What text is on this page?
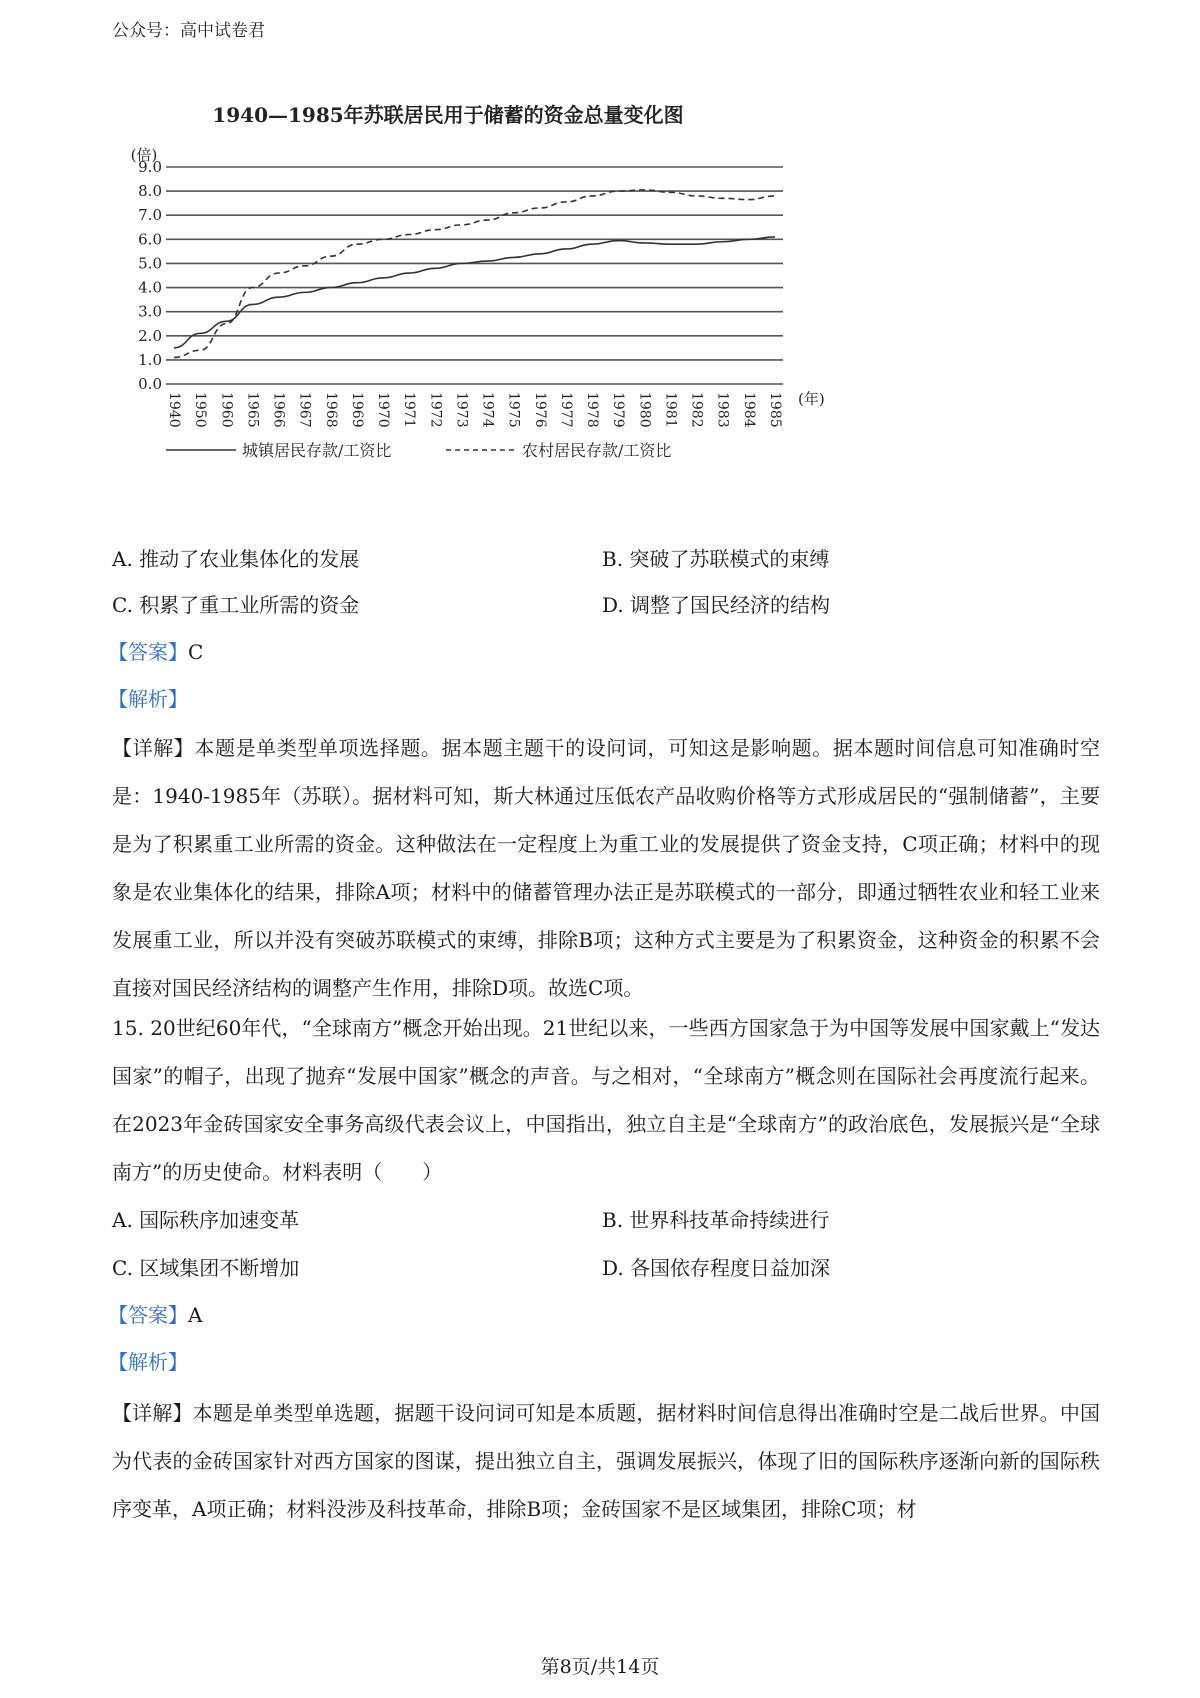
公众号：高中试卷君
1940—1985年苏联居民用于储蓄的资金总量变化图
(倍)
(年)
0.0
1.0
2.0
3.0
4.0
5.0
6.0
7.0
8.0
9.0
1940 1950 1960 1965 1966 1967 1968 1969 1970 1971 1972 1973 1974 1975 1976 1977 1978 1979 1980 1981 1982 1983 1984 1985
城镇居民存款/工资比	农村居民存款/工资比
A. 推动了农业集体化的发展	B. 突破了苏联模式的束缚
C. 积累了重工业所需的资金	D. 调整了国民经济的结构
【答案】C
【解析】
【详解】本题是单类型单项选择题。据本题主题干的设问词，可知这是影响题。据本题时间信息可知准确时空是：1940-1985年（苏联）。据材料可知，斯大林通过压低农产品收购价格等方式形成居民的“强制储蓄”，主要是为了积累重工业所需的资金。这种做法在一定程度上为重工业的发展提供了资金支持，C项正确；材料中的现象是农业集体化的结果，排除A项；材料中的储蓄管理办法正是苏联模式的一部分，即通过牺牲农业和轻工业来发展重工业，所以并没有突破苏联模式的束缚，排除B项；这种方式主要是为了积累资金，这种资金的积累不会直接对国民经济结构的调整产生作用，排除D项。故选C项。
15. 20世纪60年代，“全球南方”概念开始出现。21世纪以来，一些西方国家急于为中国等发展中国家戴上“发达国家”的帽子，出现了抛弃“发展中国家”概念的声音。与之相对，“全球南方”概念则在国际社会再度流行起来。在2023年金砖国家安全事务高级代表会议上，中国指出，独立自主是“全球南方”的政治底色，发展振兴是“全球南方”的历史使命。材料表明（　　）
A. 国际秩序加速变革	B. 世界科技革命持续进行
C. 区域集团不断增加	D. 各国依存程度日益加深
【答案】A
【解析】
【详解】本题是单类型单选题，据题干设问词可知是本质题，据材料时间信息得出准确时空是二战后世界。中国为代表的金砖国家针对西方国家的图谋，提出独立自主，强调发展振兴，体现了旧的国际秩序逐渐向新的国际秩序变革，A项正确；材料没涉及科技革命，排除B项；金砖国家不是区域集团，排除C项；材
第8页/共14页
